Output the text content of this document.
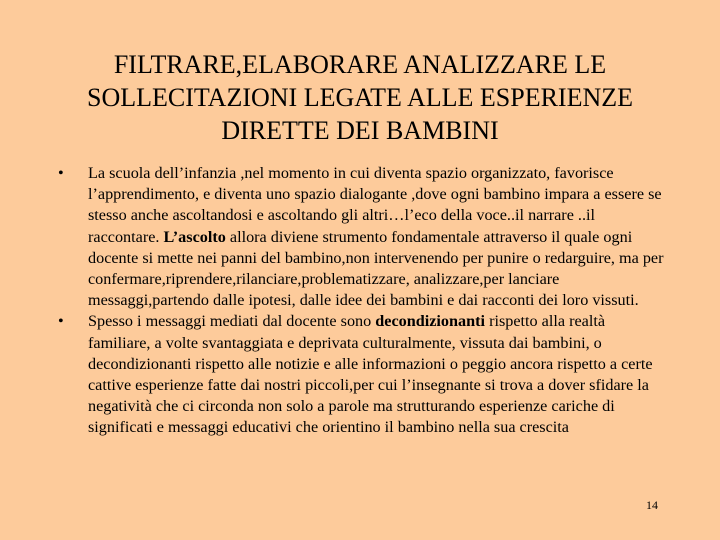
FILTRARE,ELABORARE ANALIZZARE LE
SOLLECITAZIONI LEGATE ALLE ESPERIENZE
DIRETTE DEI BAMBINI
• La scuola dell’infanzia ,nel momento in cui diventa spazio organizzato, favorisce l’apprendimento, e diventa uno spazio dialogante ,dove ogni bambino impara a essere se stesso anche ascoltandosi e ascoltando gli altri…l’eco della voce..il narrare ..il raccontare. L’ascolto allora diviene strumento fondamentale attraverso il quale ogni docente si mette nei panni del bambino,non intervenendo per punire o redarguire, ma per confermare,riprendere,rilanciare,problematizzare, analizzare,per lanciare messaggi,partendo dalle ipotesi, dalle idee dei bambini e dai racconti dei loro vissuti.
• Spesso i messaggi mediati dal docente sono decondizionanti rispetto alla realtà familiare, a volte svantaggiata e deprivata culturalmente, vissuta dai bambini, o decondizionanti rispetto alle notizie e alle informazioni o peggio ancora rispetto a certe cattive esperienze fatte dai nostri piccoli,per cui l’insegnante si trova a dover sfidare la negatività che ci circonda non solo a parole ma strutturando esperienze cariche di significati e messaggi educativi che orientino il bambino nella sua crescita
14
